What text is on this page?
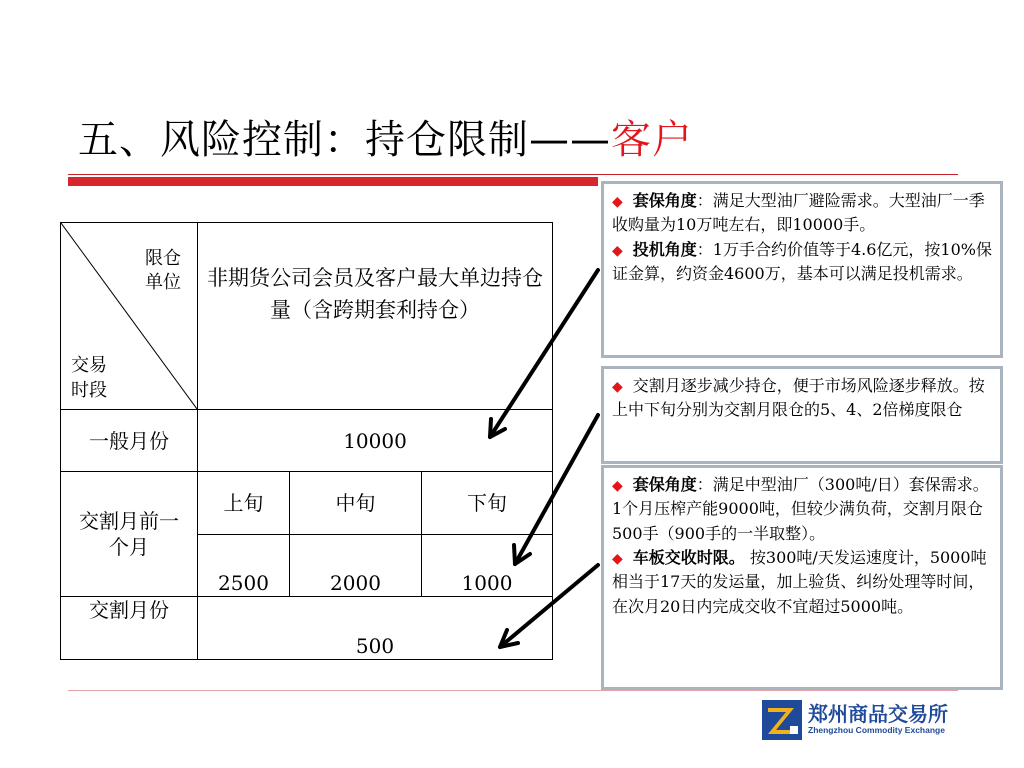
五、风险控制：持仓限制——客户
限仓
单位
交易
时段	非期货公司会员及客户最大单边持仓量（含跨期套利持仓）		
一般月份	10000		
交割月前一个月	上旬	中旬	下旬
	2500	2000	1000
交割月份	500		

◆ 套保角度：满足大型油厂避险需求。大型油厂一季收购量为10万吨左右，即10000手。

◆ 投机角度：1万手合约价值等于4.6亿元，按10%保证金算，约资金4600万，基本可以满足投机需求。

◆ 交割月逐步减少持仓，便于市场风险逐步释放。按上中下旬分别为交割月限仓的5、4、2倍梯度限仓

◆ 套保角度：满足中型油厂（300吨/日）套保需求。1个月压榨产能9000吨，但较少满负荷，交割月限仓500手（900手的一半取整）。

◆ 车板交收时限。 按300吨/天发运速度计，5000吨相当于17天的发运量，加上验货、纠纷处理等时间，在次月20日内完成交收不宜超过5000吨。

郑州商品交易所
Zhengzhou Commodity Exchange
